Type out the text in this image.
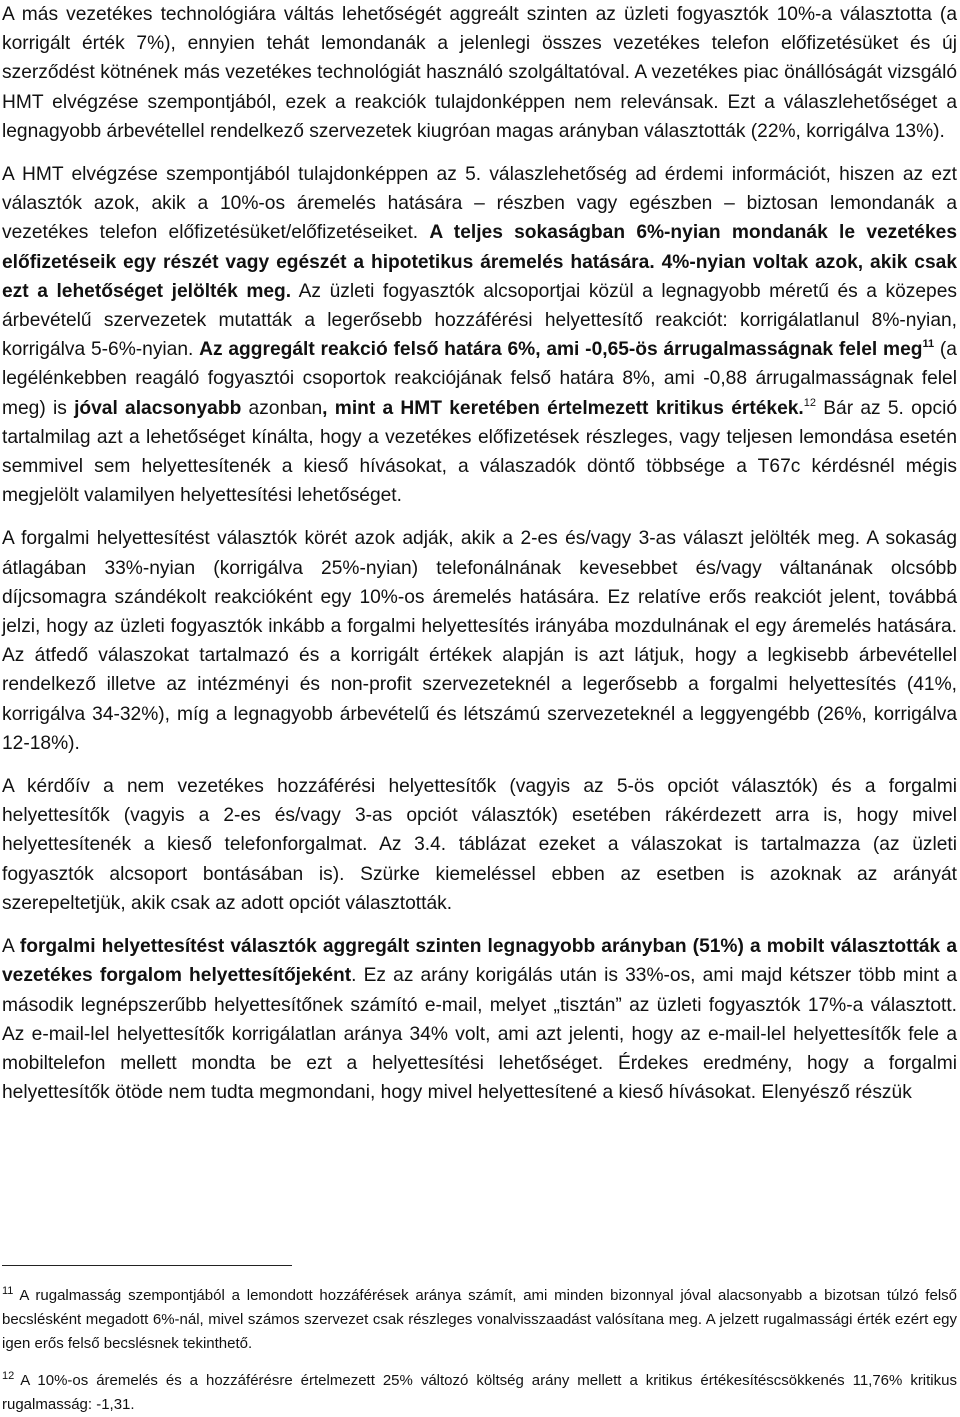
A más vezetékes technológiára váltás lehetőségét aggreált szinten az üzleti fogyasztók 10%-a választotta (a korrigált érték 7%), ennyien tehát lemondanák a jelenlegi összes vezetékes telefon előfizetésüket és új szerződést kötnének más vezetékes technológiát használó szolgáltatóval. A vezetékes piac önállóságát vizsgáló HMT elvégzése szempontjából, ezek a reakciók tulajdonképpen nem relevánsak. Ezt a válaszlehetőséget a legnagyobb árbevétellel rendelkező szervezetek kiugróan magas arányban választották (22%, korrigálva 13%).

A HMT elvégzése szempontjából tulajdonképpen az 5. válaszlehetőség ad érdemi információt, hiszen az ezt választók azok, akik a 10%-os áremelés hatására – részben vagy egészben – biztosan lemondanák a vezetékes telefon előfizetésüket/előfizetéseiket. A teljes sokaságban 6%-nyian mondanák le vezetékes előfizetéseik egy részét vagy egészét a hipotetikus áremelés hatására. 4%-nyian voltak azok, akik csak ezt a lehetőséget jelölték meg. Az üzleti fogyasztók alcsoportjai közül a legnagyobb méretű és a közepes árbevételű szervezetek mutatták a legerősebb hozzáférési helyettesítő reakciót: korrigálatlanul 8%-nyian, korrigálva 5-6%-nyian. Az aggregált reakció felső határa 6%, ami -0,65-ös árrugalmasságnak felel meg$^{11}$ (a legélénkebben reagáló fogyasztói csoportok reakciójának felső határa 8%, ami -0,88 árrugalmasságnak felel meg) is jóval alacsonyabb azonban, mint a HMT keretében értelmezett kritikus értékek.$^{12}$ Bár az 5. opció tartalmilag azt a lehetőséget kínálta, hogy a vezetékes előfizetések részleges, vagy teljesen lemondása esetén semmivel sem helyettesítenék a kieső hívásokat, a válaszadók döntő többsége a T67c kérdésnél mégis megjelölt valamilyen helyettesítési lehetőséget.

A forgalmi helyettesítést választók körét azok adják, akik a 2-es és/vagy 3-as választ jelölték meg. A sokaság átlagában 33%-nyian (korrigálva 25%-nyian) telefonálnának kevesebbet és/vagy váltanának olcsóbb díjcsomagra szándékolt reakcióként egy 10%-os áremelés hatására. Ez relatíve erős reakciót jelent, továbbá jelzi, hogy az üzleti fogyasztók inkább a forgalmi helyettesítés irányába mozdulnának el egy áremelés hatására. Az átfedő válaszokat tartalmazó és a korrigált értékek alapján is azt látjuk, hogy a legkisebb árbevétellel rendelkező illetve az intézményi és non-profit szervezeteknél a legerősebb a forgalmi helyettesítés (41%, korrigálva 34-32%), míg a legnagyobb árbevételű és létszámú szervezeteknél a leggyengébb (26%, korrigálva 12-18%).

A kérdőív a nem vezetékes hozzáférési helyettesítők (vagyis az 5-ös opciót választók) és a forgalmi helyettesítők (vagyis a 2-es és/vagy 3-as opciót választók) esetében rákérdezett arra is, hogy mivel helyettesítenék a kieső telefonforgalmat. Az 3.4. táblázat ezeket a válaszokat is tartalmazza (az üzleti fogyasztók alcsoport bontásában is). Szürke kiemeléssel ebben az esetben is azoknak az arányát szerepeltetjük, akik csak az adott opciót választották.

A forgalmi helyettesítést választók aggregált szinten legnagyobb arányban (51%) a mobilt választották a vezetékes forgalom helyettesítőjeként. Ez az arány korigálás után is 33%-os, ami majd kétszer több mint a második legnépszerűbb helyettesítőnek számító e-mail, melyet „tisztán” az üzleti fogyasztók 17%-a választott. Az e-mail-lel helyettesítők korrigálatlan aránya 34% volt, ami azt jelenti, hogy az e-mail-lel helyettesítők fele a mobiltelefon mellett mondta be ezt a helyettesítési lehetőséget. Érdekes eredmény, hogy a forgalmi helyettesítők ötöde nem tudta megmondani, hogy mivel helyettesítené a kieső hívásokat. Elenyésző részük

$^{11}$ A rugalmasság szempontjából a lemondott hozzáférések aránya számít, ami minden bizonnyal jóval alacsonyabb a bizotsan túlzó felső becslésként megadott 6%-nál, mivel számos szervezet csak részleges vonalvisszaadást valósítana meg. A jelzett rugalmassági érték ezért egy igen erős felső becslésnek tekinthető.

$^{12}$ A 10%-os áremelés és a hozzáférésre értelmezett 25% változó költség arány mellett a kritikus értékesítéscsökkenés 11,76% kritikus rugalmasság: -1,31.
